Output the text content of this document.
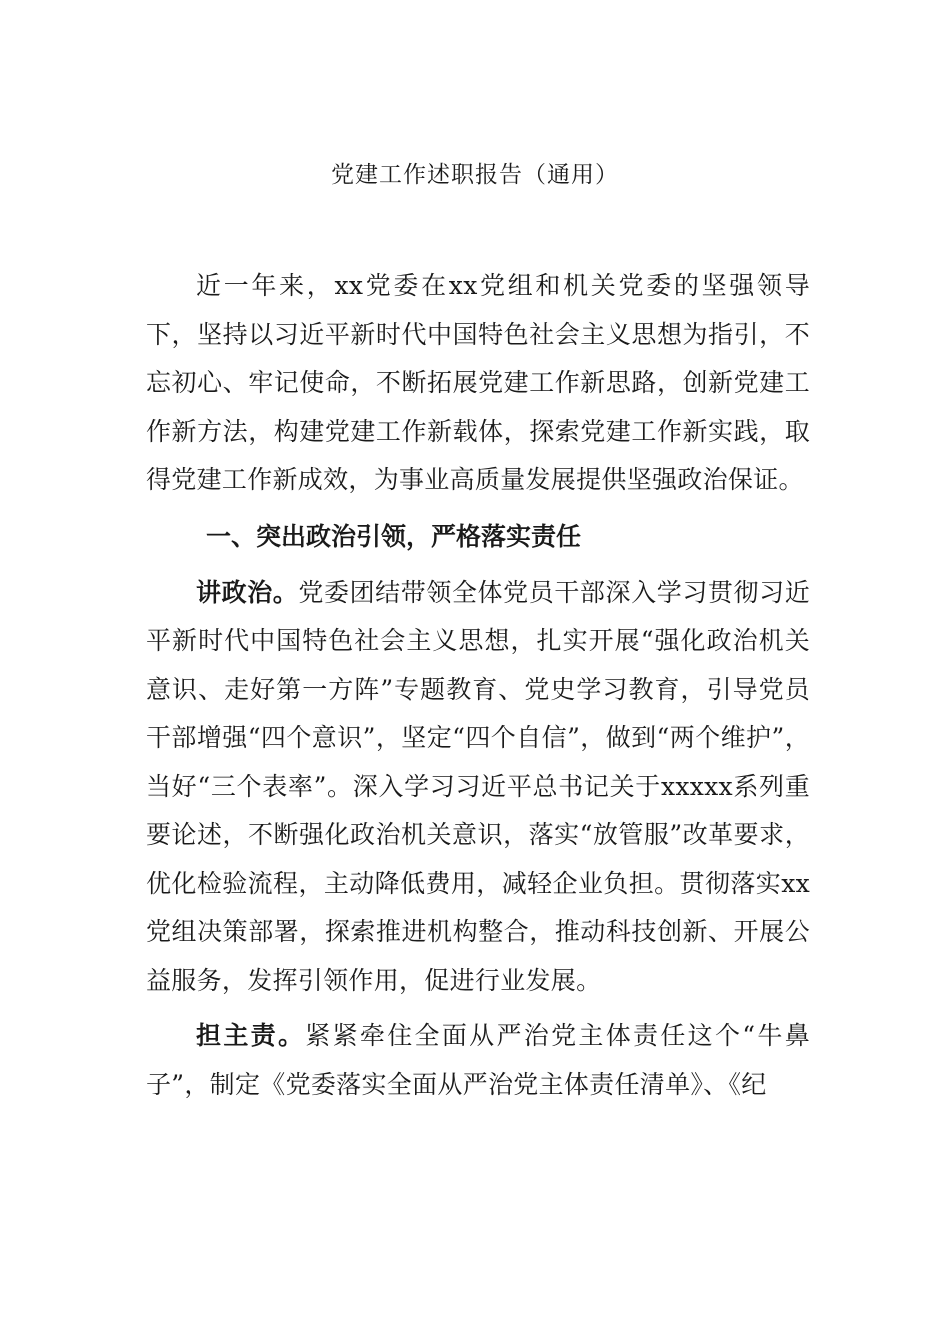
党建工作述职报告（通用）

近一年来，xx党委在xx党组和机关党委的坚强领导下，坚持以习近平新时代中国特色社会主义思想为指引，不忘初心、牢记使命，不断拓展党建工作新思路，创新党建工作新方法，构建党建工作新载体，探索党建工作新实践，取得党建工作新成效，为事业高质量发展提供坚强政治保证。

一、突出政治引领，严格落实责任

讲政治。党委团结带领全体党员干部深入学习贯彻习近平新时代中国特色社会主义思想，扎实开展“强化政治机关意识、走好第一方阵”专题教育、党史学习教育，引导党员干部增强“四个意识”，坚定“四个自信”，做到“两个维护”，当好“三个表率”。深入学习习近平总书记关于xxxxx系列重要论述，不断强化政治机关意识，落实“放管服”改革要求，优化检验流程，主动降低费用，减轻企业负担。贯彻落实xx党组决策部署，探索推进机构整合，推动科技创新、开展公益服务，发挥引领作用，促进行业发展。

担主责。紧紧牵住全面从严治党主体责任这个“牛鼻子”，制定《党委落实全面从严治党主体责任清单》、《纪
